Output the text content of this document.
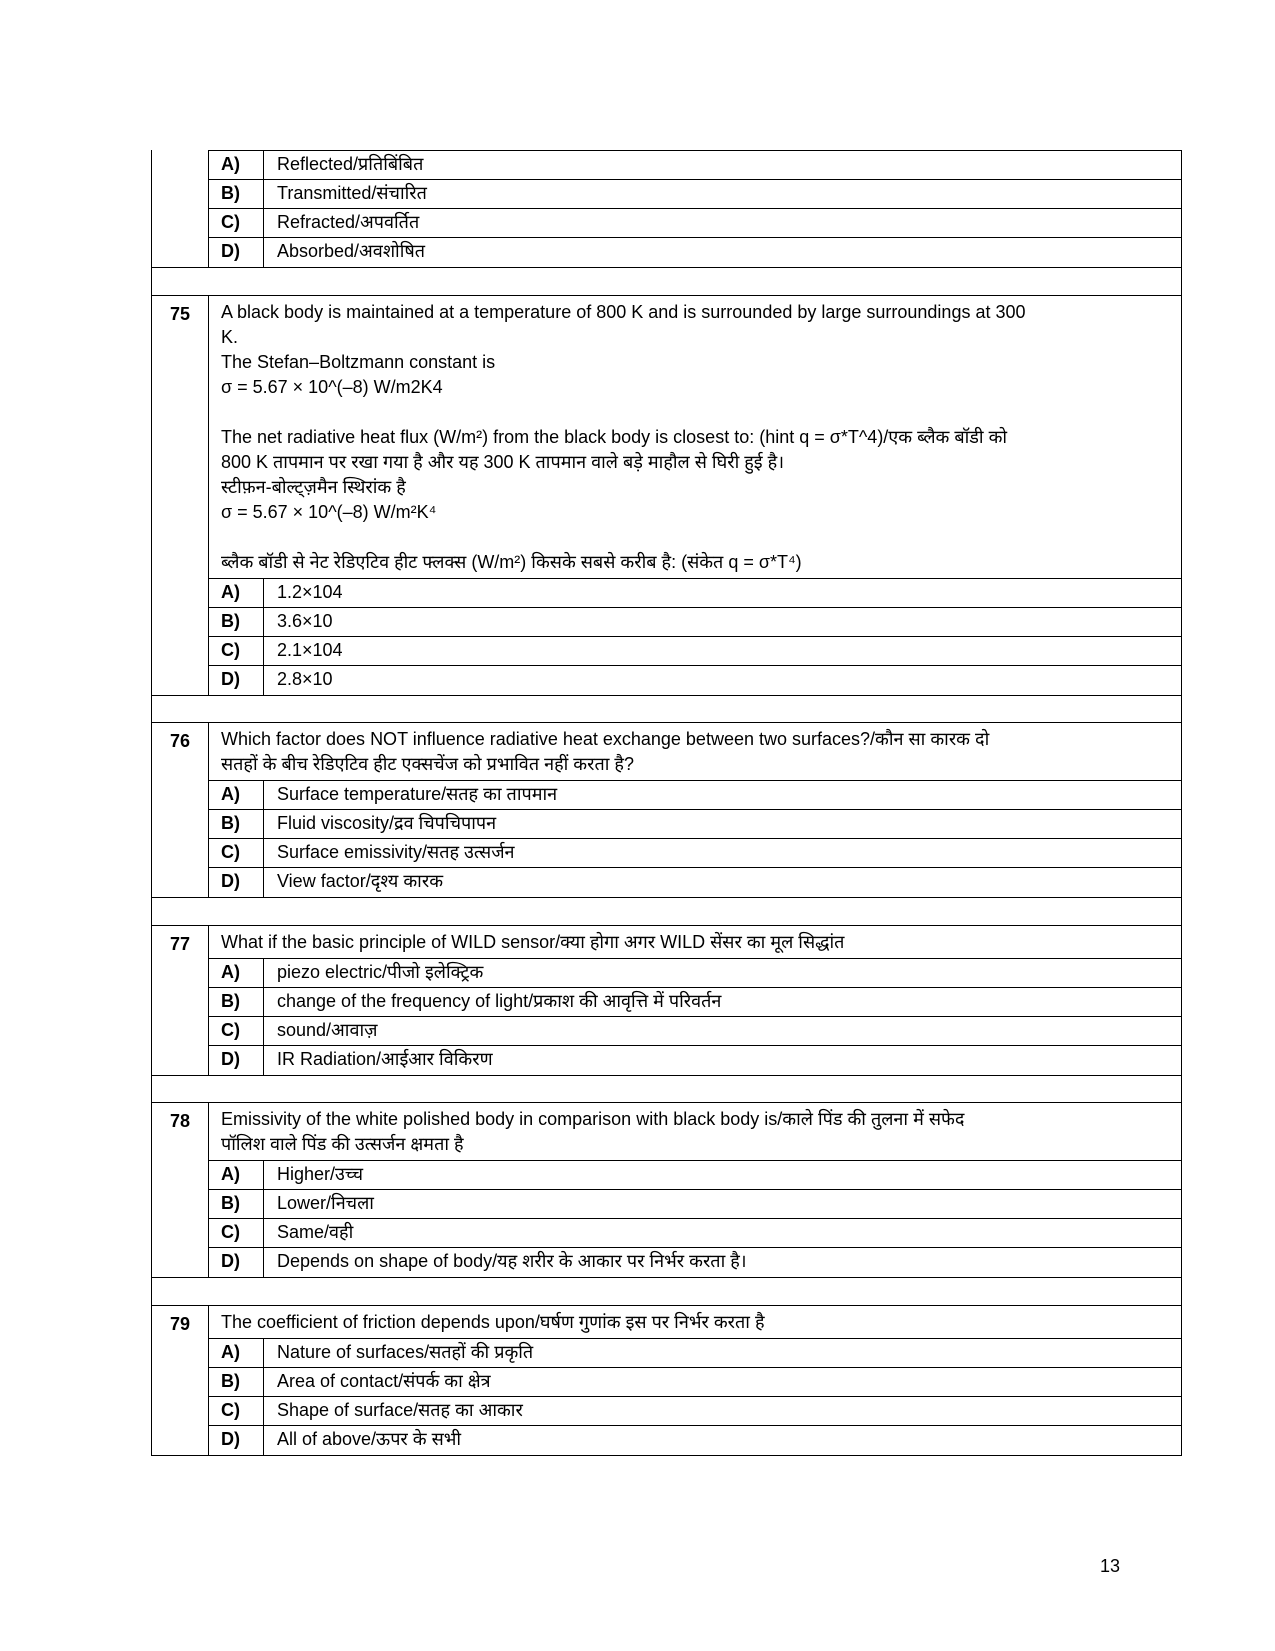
A)	Reflected/प्रतिबिंबित
B)	Transmitted/संचारित
C)	Refracted/अपवर्तित
D)	Absorbed/अवशोषित
75	A black body is maintained at a temperature of 800 K and is surrounded by large surroundings at 300
K.
The Stefan–Boltzmann constant is
σ = 5.67 × 10^(–8) W/m2K4

The net radiative heat flux (W/m²) from the black body is closest to: (hint q = σ*T^4)/एक ब्लैक बॉडी को
800 K तापमान पर रखा गया है और यह 300 K तापमान वाले बड़े माहौल से घिरी हुई है।
स्टीफ़न-बोल्ट्ज़मैन स्थिरांक है
σ = 5.67 × 10^(–8) W/m²K⁴

ब्लैक बॉडी से नेट रेडिएटिव हीट फ्लक्स (W/m²) किसके सबसे करीब है: (संकेत q = σ*T⁴)
A)	1.2×104
B)	3.6×10
C)	2.1×104
D)	2.8×10
76	Which factor does NOT influence radiative heat exchange between two surfaces?/कौन सा कारक दो
सतहों के बीच रेडिएटिव हीट एक्सचेंज को प्रभावित नहीं करता है?
A)	Surface temperature/सतह का तापमान
B)	Fluid viscosity/द्रव चिपचिपापन
C)	Surface emissivity/सतह उत्सर्जन
D)	View factor/दृश्य कारक
77	What if the basic principle of WILD sensor/क्या होगा अगर WILD सेंसर का मूल सिद्धांत
A)	piezo electric/पीजो इलेक्ट्रिक
B)	change of the frequency of light/प्रकाश की आवृत्ति में परिवर्तन
C)	sound/आवाज़
D)	IR Radiation/आईआर विकिरण
78	Emissivity of the white polished body in comparison with black body is/काले पिंड की तुलना में सफेद
पॉलिश वाले पिंड की उत्सर्जन क्षमता है
A)	Higher/उच्च
B)	Lower/निचला
C)	Same/वही
D)	Depends on shape of body/यह शरीर के आकार पर निर्भर करता है।
79	The coefficient of friction depends upon/घर्षण गुणांक इस पर निर्भर करता है
A)	Nature of surfaces/सतहों की प्रकृति
B)	Area of contact/संपर्क का क्षेत्र
C)	Shape of surface/सतह का आकार
D)	All of above/ऊपर के सभी
13
